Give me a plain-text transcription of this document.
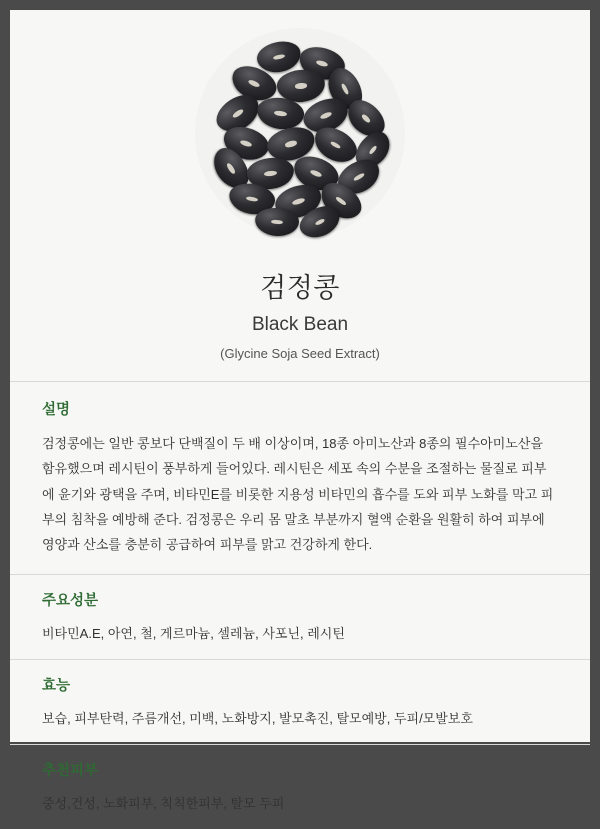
검정콩
Black Bean
(Glycine Soja Seed Extract)
설명

검정콩에는 일반 콩보다 단백질이 두 배 이상이며, 18종 아미노산과 8종의 필수아미노산을 함유했으며 레시틴이 풍부하게 들어있다. 레시틴은 세포 속의 수분을 조절하는 물질로 피부에 윤기와 광택을 주며, 비타민E를 비롯한 지용성 비타민의 흡수를 도와 피부 노화를 막고 피부의 침착을 예방해 준다. 검정콩은 우리 몸 말초 부분까지 혈액 순환을 원활히 하여 피부에 영양과 산소를 충분히 공급하여 피부를 맑고 건강하게 한다.

주요성분

비타민A.E, 아연, 철, 게르마늄, 셀레늄, 사포닌, 레시틴

효능

보습, 피부탄력, 주름개선, 미백, 노화방지, 발모촉진, 탈모예방, 두피/모발보호

추천피부

중성,건성, 노화피부, 칙칙한피부, 탈모 두피
